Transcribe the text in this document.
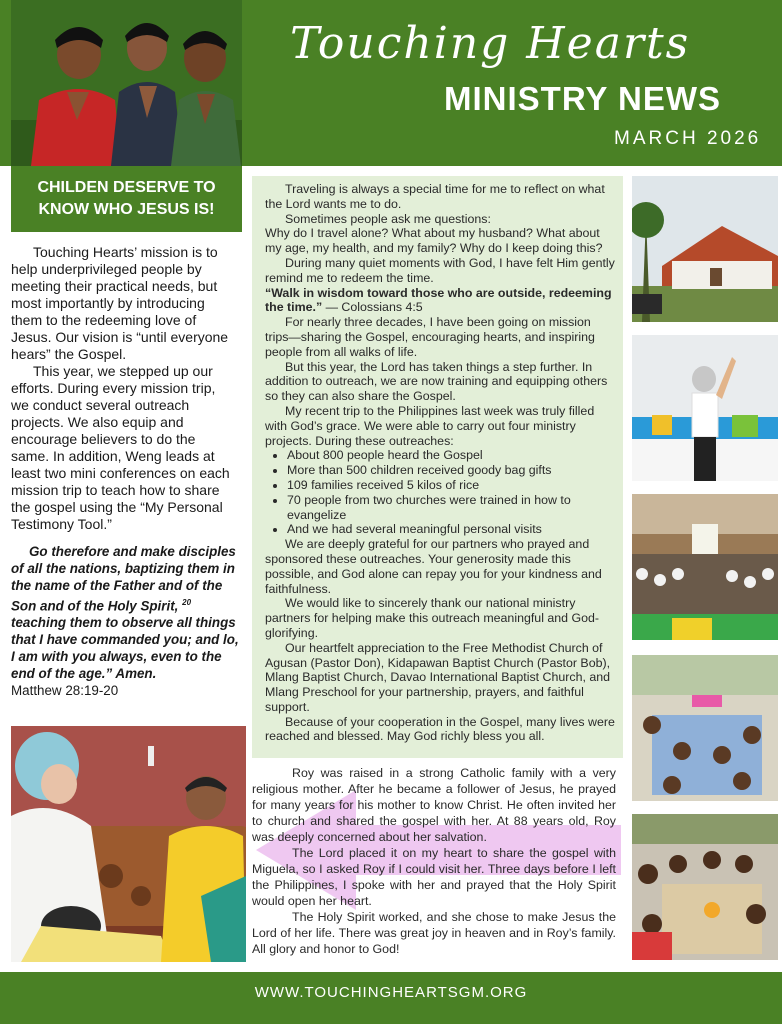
Touching Hearts
MINISTRY NEWS
MARCH 2026
CHILDEN DESERVE TO
KNOW WHO JESUS IS!

Touching Hearts’ mission is to help underprivileged people by meeting their practical needs, but most importantly by introducing them to the redeeming love of Jesus. Our vision is “until everyone hears” the Gospel.

This year, we stepped up our efforts. During every mission trip, we conduct several outreach projects. We also equip and encourage believers to do the same. In addition, Weng leads at least two mini conferences on each mission trip to teach how to share the gospel using the “My Personal Testimony Tool.”

Go therefore and make disciples of all the nations, baptizing them in the name of the Father and of the Son and of the Holy Spirit, $^{20}$ teaching them to observe all things that I have commanded you; and lo, I am with you always, even to the end of the age.” Amen.

Matthew 28:19-20

Traveling is always a special time for me to reflect on what the Lord wants me to do.

Sometimes people ask me questions:

Why do I travel alone? What about my husband? What about my age, my health, and my family? Why do I keep doing this?

During many quiet moments with God, I have felt Him gently remind me to redeem the time.

“Walk in wisdom toward those who are outside, redeeming the time.” — Colossians 4:5

For nearly three decades, I have been going on mission trips—sharing the Gospel, encouraging hearts, and inspiring people from all walks of life.

But this year, the Lord has taken things a step further. In addition to outreach, we are now training and equipping others so they can also share the Gospel.

My recent trip to the Philippines last week was truly filled with God’s grace. We were able to carry out four ministry projects. During these outreaches:

• About 800 people heard the Gospel
• More than 500 children received goody bag gifts
• 109 families received 5 kilos of rice
• 70 people from two churches were trained in how to evangelize
• And we had several meaningful personal visits

We are deeply grateful for our partners who prayed and sponsored these outreaches. Your generosity made this possible, and God alone can repay you for your kindness and faithfulness.

We would like to sincerely thank our national ministry partners for helping make this outreach meaningful and God-glorifying.

Our heartfelt appreciation to the Free Methodist Church of Agusan (Pastor Don), Kidapawan Baptist Church (Pastor Bob), Mlang Baptist Church, Davao International Baptist Church, and Mlang Preschool for your partnership, prayers, and faithful support.

Because of your cooperation in the Gospel, many lives were reached and blessed. May God richly bless you all.

Roy was raised in a strong Catholic family with a very religious mother. After he became a follower of Jesus, he prayed for many years for his mother to know Christ. He often invited her to church and shared the gospel with her. At 88 years old, Roy was deeply concerned about her salvation.

The Lord placed it on my heart to share the gospel with Miguela, so I asked Roy if I could visit her. Three days before I left the Philippines, I spoke with her and prayed that the Holy Spirit would open her heart.

The Holy Spirit worked, and she chose to make Jesus the Lord of her life. There was great joy in heaven and in Roy’s family. All glory and honor to God!

WWW.TOUCHINGHEARTSGM.ORG
